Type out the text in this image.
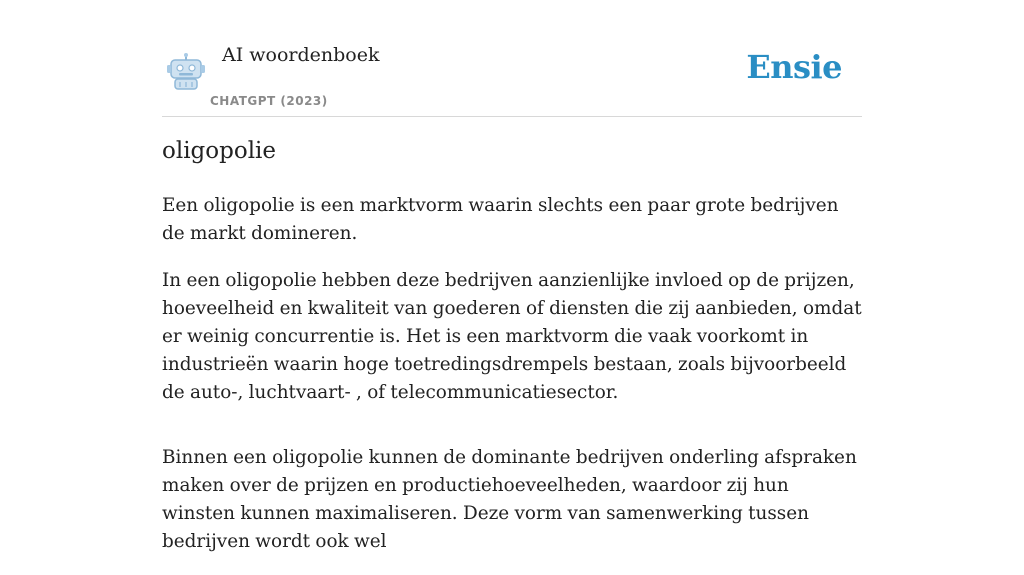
AI woordenboek
CHATGPT (2023)
Ensie
oligopolie

Een oligopolie is een marktvorm waarin slechts een paar grote bedrijven de markt domineren.

In een oligopolie hebben deze bedrijven aanzienlijke invloed op de prijzen, hoeveelheid en kwaliteit van goederen of diensten die zij aanbieden, omdat er weinig concurrentie is. Het is een marktvorm die vaak voorkomt in industrieën waarin hoge toetredingsdrempels bestaan, zoals bijvoorbeeld de auto-, luchtvaart- , of telecommunicatiesector.

Binnen een oligopolie kunnen de dominante bedrijven onderling afspraken maken over de prijzen en productiehoeveelheden, waardoor zij hun winsten kunnen maximaliseren. Deze vorm van samenwerking tussen bedrijven wordt ook wel
